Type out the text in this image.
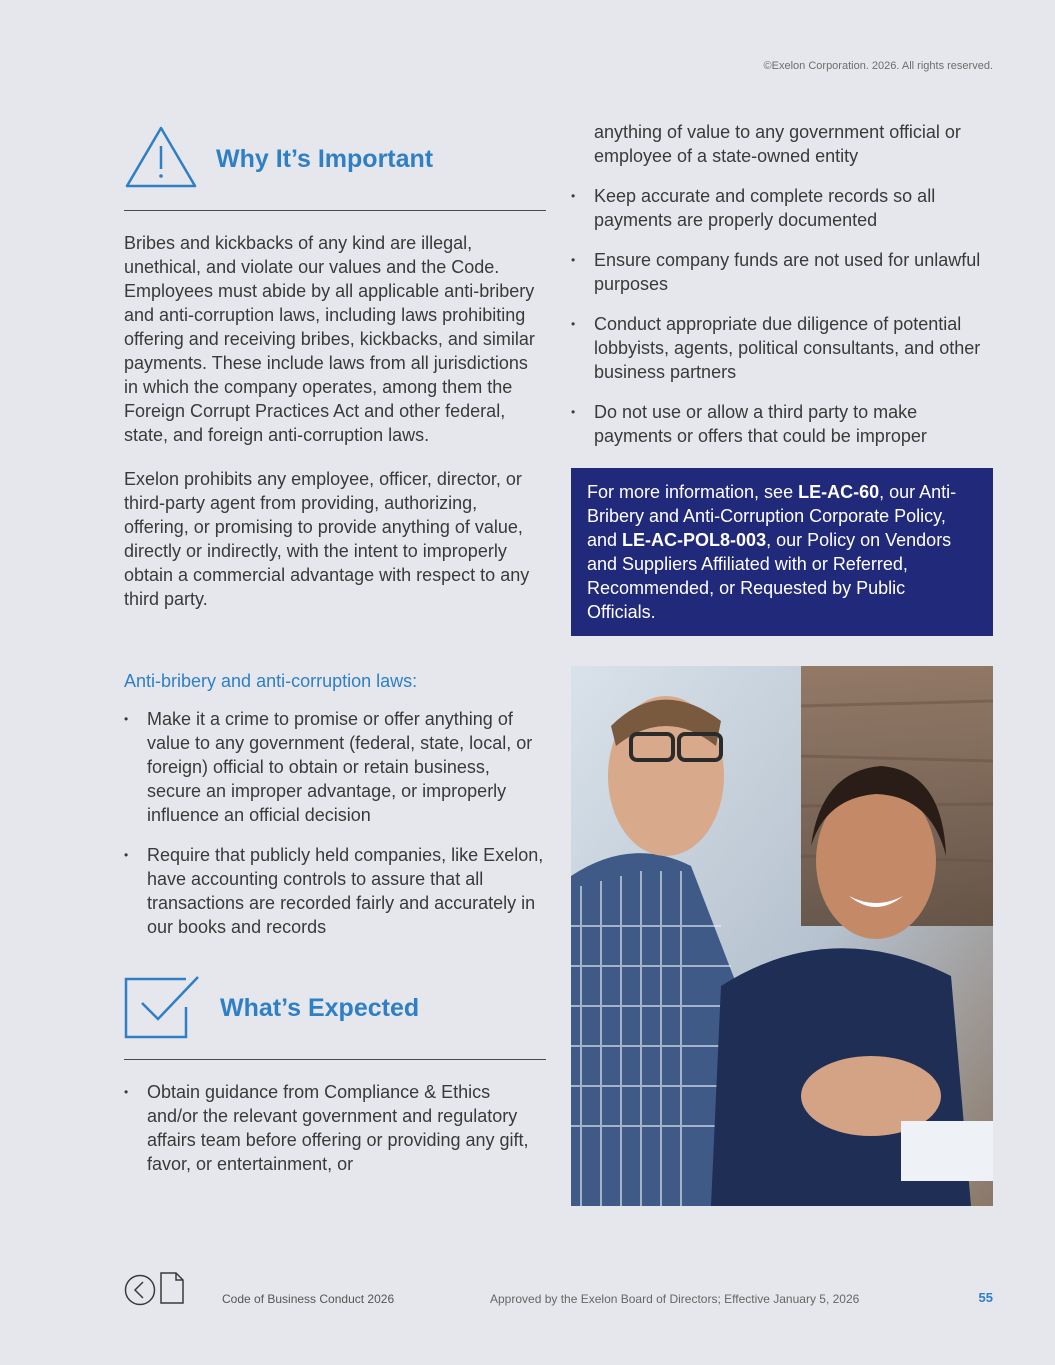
©Exelon Corporation. 2026. All rights reserved.
Why It’s Important

Bribes and kickbacks of any kind are illegal, unethical, and violate our values and the Code. Employees must abide by all applicable anti-bribery and anti-corruption laws, including laws prohibiting offering and receiving bribes, kickbacks, and similar payments. These include laws from all jurisdictions in which the company operates, among them the Foreign Corrupt Practices Act and other federal, state, and foreign anti-corruption laws.

Exelon prohibits any employee, officer, director, or third-party agent from providing, authorizing, offering, or promising to provide anything of value, directly or indirectly, with the intent to improperly obtain a commercial advantage with respect to any third party.

Anti-bribery and anti-corruption laws:
• Make it a crime to promise or offer anything of value to any government (federal, state, local, or foreign) official to obtain or retain business, secure an improper advantage, or improperly influence an official decision
• Require that publicly held companies, like Exelon, have accounting controls to assure that all transactions are recorded fairly and accurately in our books and records
What’s Expected
• Obtain guidance from Compliance & Ethics and/or the relevant government and regulatory affairs team before offering or providing any gift, favor, or entertainment, or
anything of value to any government official or employee of a state-owned entity
• Keep accurate and complete records so all payments are properly documented
• Ensure company funds are not used for unlawful purposes
• Conduct appropriate due diligence of potential lobbyists, agents, political consultants, and other business partners
• Do not use or allow a third party to make payments or offers that could be improper
For more information, see LE-AC-60, our Anti-Bribery and Anti-Corruption Corporate Policy, and LE-AC-POL8-003, our Policy on Vendors and Suppliers Affiliated with or Referred, Recommended, or Requested by Public Officials.
Code of Business Conduct 2026	Approved by the Exelon Board of Directors; Effective January 5, 2026	55
